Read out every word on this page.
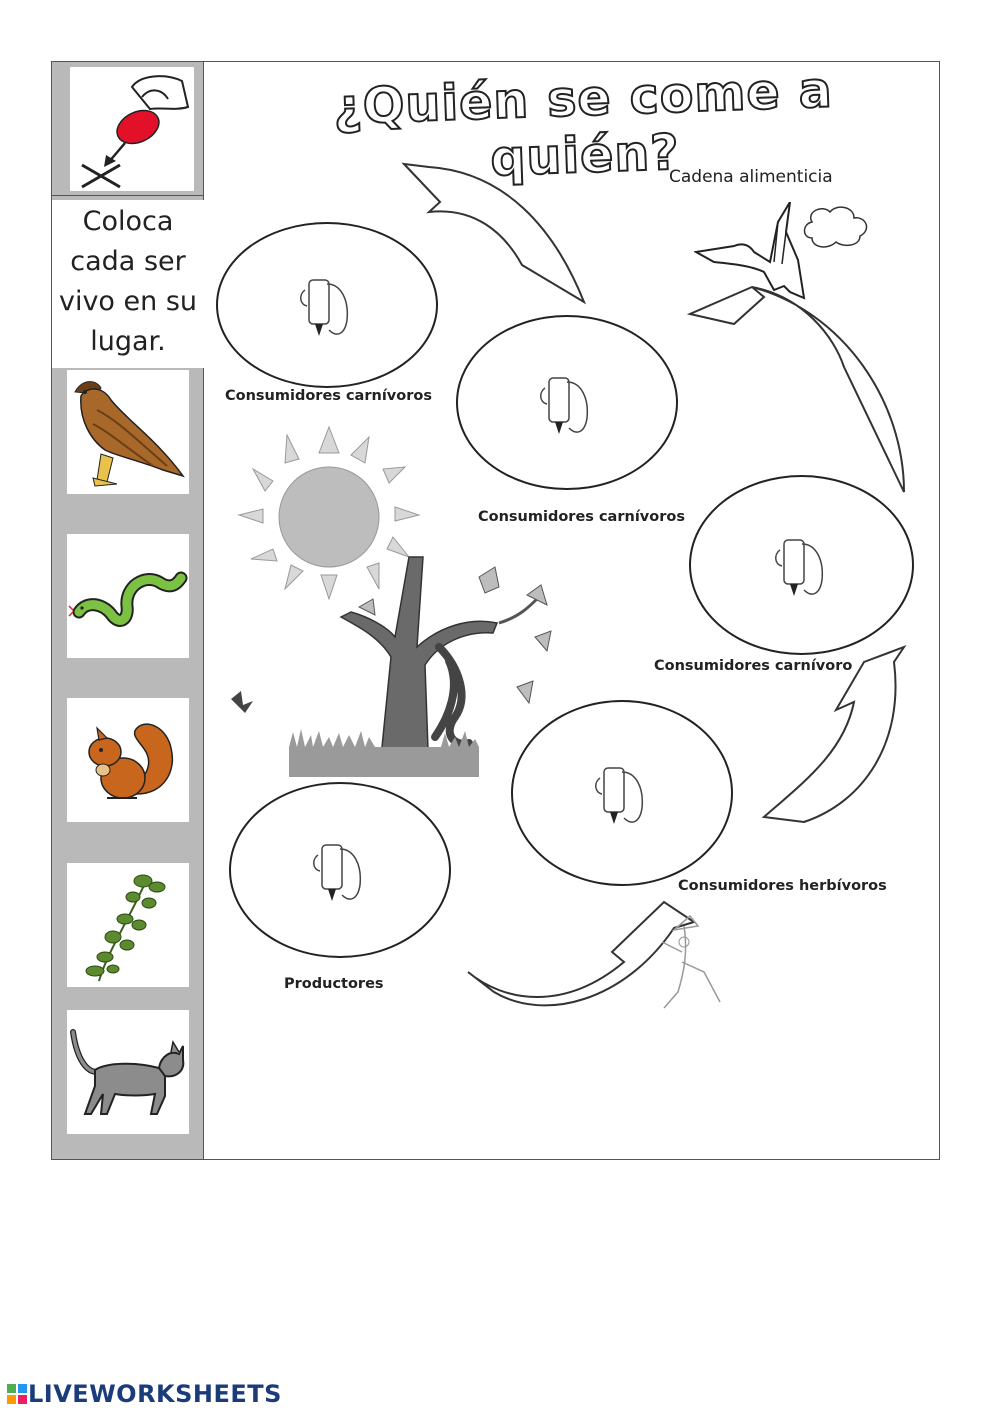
Coloca cada ser vivo en su lugar.
¿Quién se come a quién?
Cadena alimenticia
Consumidores carnívoros
Consumidores carnívoros
Consumidores carnívoro
Consumidores herbívoros
Productores
LIVEWORKSHEETS
